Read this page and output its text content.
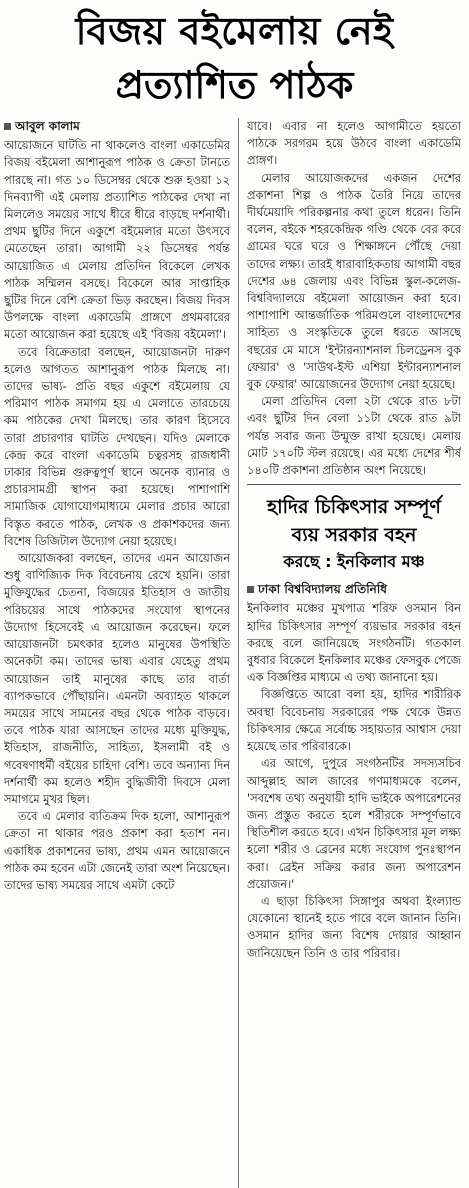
বিজয় বইমেলায় নেই
প্রত্যাশিত পাঠক
আবুল কালাম

আয়োজনে ঘাটতি না থাকলেও বাংলা একাডেমির বিজয় বইমেলা আশানুরূপ পাঠক ও ক্রেতা টানতে পারছে না। গত ১০ ডিসেম্বর থেকে শুরু হওয়া ১২ দিনব্যাপী এই মেলায় প্রত্যাশিত পাঠকের দেখা না মিললেও সময়ের সাথে ধীরে ধীরে বাড়ছে দর্শনার্থী। প্রথম ছুটির দিনে একুশে বইমেলার মতো উৎসবে মেতেছেন তারা। আগামী ২২ ডিসেম্বর পর্যন্ত আয়োজিত এ মেলায় প্রতিদিন বিকেলে লেখক পাঠক সম্মিলন বসছে। বিকেলে আর সাপ্তাহিক ছুটির দিনে বেশি ক্রেতা ভিড় করছেন। বিজয় দিবস উপলক্ষে বাংলা একাডেমি প্রাঙ্গণে প্রথমবারের মতো আয়োজন করা হয়েছে এই 'বিজয় বইমেলা'।

তবে বিক্রেতারা বলছেন, আয়োজনটা দারুণ হলেও আগতত আশানুরূপ পাঠক মিলছে না। তাদের ভাষ্য- প্রতি বছর একুশে বইমেলায় যে পরিমাণ পাঠক সমাগম হয় এ মেলাতে তারচেয়ে কম পাঠকের দেখা মিলছে। তার কারণ হিসেবে তারা প্রচারণার ঘাটতি দেখছেন। যদিও মেলাকে কেন্দ্র করে বাংলা একাডেমি চত্বরসহ রাজধানী ঢাকার বিভিন্ন গুরুত্বপূর্ণ স্থানে অনেক ব্যানার ও প্রচারসামগ্রী স্থাপন করা হয়েছে। পাশাপাশি সামাজিক যোগাযোগমাধ্যমে মেলার প্রচার আরো বিস্তৃত করতে পাঠক, লেখক ও প্রকাশকদের জন্য বিশেষ ডিজিটাল উদ্যোগ নেয়া হয়েছে।

আয়োজকরা বলছেন, তাদের এমন আয়োজন শুধু বাণিজ্যিক দিক বিবেচনায় রেখে হয়নি। তারা মুক্তিযুদ্ধের চেতনা, বিজয়ের ইতিহাস ও জাতীয় পরিচয়ের সাথে পাঠকদের সংযোগ স্থাপনের উদ্যোগ হিসেবেই এ আয়োজন করেছেন। ফলে আয়োজনটা চমৎকার হলেও মানুষের উপস্থিতি অনেকটা কম। তাদের ভাষ্য এবার যেহেতু প্রথম আয়োজন তাই মানুষের কাছে তার বার্তা ব্যাপকভাবে পৌঁছায়নি। এমনটা অব্যাহত থাকলে সময়ের সাথে সামনের বছর থেকে পাঠক বাড়বে। তবে পাঠক যারা আসছেন তাদের মধ্যে মুক্তিযুদ্ধ, ইতিহাস, রাজনীতি, সাহিত্য, ইসলামী বই ও গবেষণাধর্মী বইয়ের চাহিদা বেশি। তবে অন্যান্য দিন দর্শনার্থী কম হলেও শহীদ বুদ্ধিজীবী দিবসে মেলা সমাগমে মুখর ছিল।

তবে এ মেলার ব্যতিক্রম দিক হলো, আশানুরূপ ক্রেতা না থাকার পরও প্রকাশ করা হতাশ নন। একাধিক প্রকাশনের ভাষ্য, প্রথম এমন আয়োজনে পাঠক কম হবেন এটা জেনেই তারা অংশ নিয়েছেন। তাদের ভাষ্য সময়ের সাথে এমটা কেটে

যাবে। এবার না হলেও আগামীতে হয়তো পাঠকে সরগরম হয়ে উঠবে বাংলা একাডেমি প্রাঙ্গণ।

মেলার আয়োজকদের একজন দেশের প্রকাশনা শিল্প ও পাঠক তৈরি নিয়ে তাদের দীর্ঘমেয়াদি পরিকল্পনার কথা তুলে ধরেন। তিনি বলেন, বইকে শহরকেন্দ্রিক গণ্ডি থেকে বের করে গ্রামের ঘরে ঘরে ও শিক্ষাঙ্গনে পৌঁছে দেয়া তাদের লক্ষ্য। তারই ধারাবাহিকতায় আগামী বছর দেশের ৬৪ জেলায় এবং বিভিন্ন স্কুল-কলেজ-বিশ্ববিদ্যালয়ে বইমেলা আয়োজন করা হবে। পাশাপাশি আন্তর্জাতিক পরিমণ্ডলে বাংলাদেশের সাহিত্য ও সংস্কৃতিকে তুলে ধরতে আসছে বছরের মে মাসে 'ইন্টারন্যাশনাল চিলড্রেনস বুক ফেয়ার' ও 'সাউথ-ইস্ট এশিয়া ইন্টারন্যাশনাল বুক ফেয়ার' আয়োজনের উদ্যোগ নেয়া হয়েছে।

মেলা প্রতিদিন বেলা ২টা থেকে রাত ৮টা এবং ছুটির দিন বেলা ১১টা থেকে রাত ৯টা পর্যন্ত সবার জন্য উন্মুক্ত রাখা হয়েছে। মেলায় মোট ১৭০টি স্টল রয়েছে। এর মধ্যে দেশের শীর্ষ ১৪০টি প্রকাশনা প্রতিষ্ঠান অংশ নিয়েছে।

হাদির চিকিৎসার সম্পূর্ণ
ব্যয় সরকার বহন
করছে : ইনকিলাব মঞ্চ
ঢাকা বিশ্ববিদ্যালয় প্রতিনিধি

ইনকিলাব মঞ্চের মুখপাত্র শরিফ ওসমান বিন হাদির চিকিৎসার সম্পূর্ণ ব্যয়ভার সরকার বহন করছে বলে জানিয়েছে সংগঠনটি। গতকাল বুধবার বিকেলে ইনকিলাব মঞ্চের ফেসবুক পেজে এক বিজ্ঞপ্তির মাধ্যমে এ তথ্য জানানো হয়।

বিজ্ঞপ্তিতে আরো বলা হয়, হাদির শারীরিক অবস্থা বিবেচনায় সরকারের পক্ষ থেকে উন্নত চিকিৎসার ক্ষেত্রে সর্বোচ্চ সহায়তার আশ্বাস দেয়া হয়েছে তার পরিবারকে।

এর আগে, দুপুরে সংগঠনটির সদস্যসচিব আব্দুল্লাহ আল জাবের গণমাধ্যমকে বলেন, 'সবশেষ তথ্য অনুযায়ী হাদি ভাইকে অপারেশনের জন্য প্রস্তুত করতে হলে শরীরকে সম্পূর্ণভাবে স্থিতিশীল করতে হবে। এখন চিকিৎসার মূল লক্ষ্য হলো শরীর ও ব্রেনের মধ্যে সংযোগ পুনঃস্থাপন করা। ব্রেইন সক্রিয় করার জন্য অপারেশন প্রয়োজন।'

এ ছাড়া চিকিৎসা সিঙ্গাপুর অথবা ইংল্যান্ড যেকোনো স্থানেই হতে পারে বলে জানান তিনি। ওসমান হাদির জন্য বিশেষ দোয়ার আহ্বান জানিয়েছেন তিনি ও তার পরিবার।
